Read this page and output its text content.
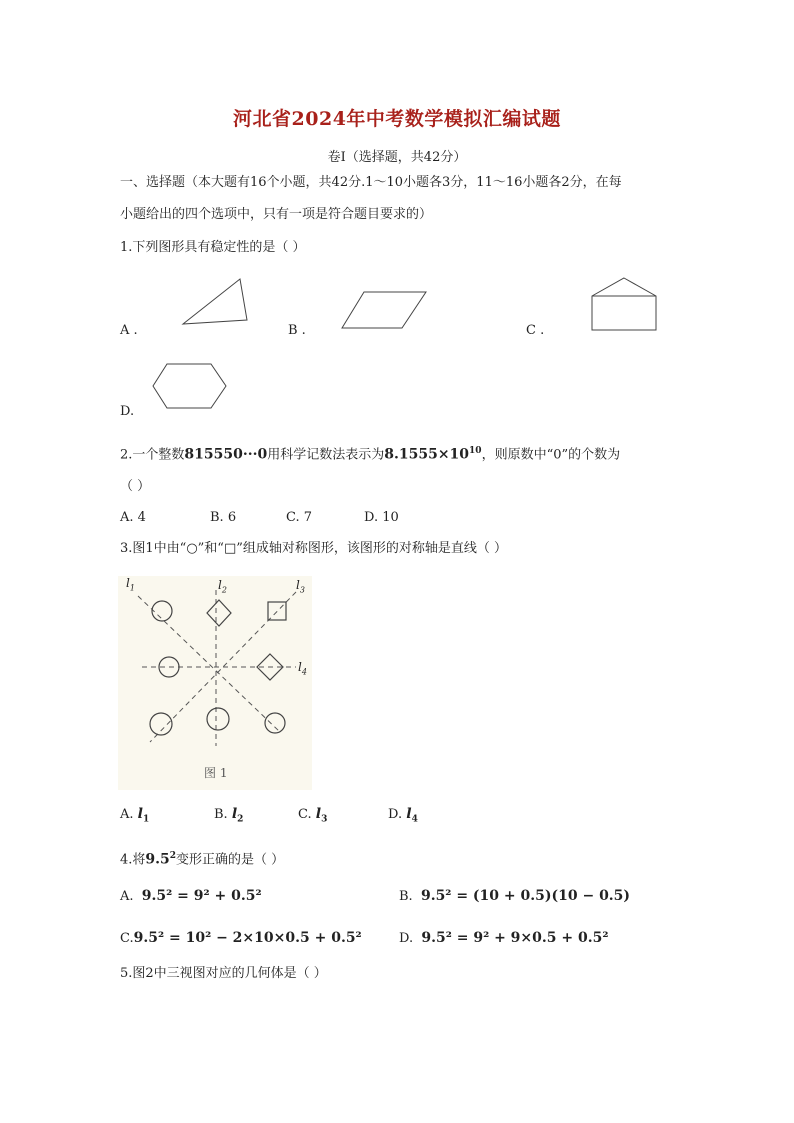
河北省2024年中考数学模拟汇编试题
卷Ⅰ（选择题，共42分）
一、选择题（本大题有16个小题，共42分.1～10小题各3分，11～16小题各2分，在每
小题给出的四个选项中，只有一项是符合题目要求的）
1.下列图形具有稳定性的是（ ）
A .	B .	C .
D.
2.一个整数815550···0用科学记数法表示为$8.1555\times 10^{10}$，则原数中“0”的个数为
（ ）
A. 4	B. 6	C. 7	D. 10
3.图1中由“○”和“□”组成轴对称图形，该图形的对称轴是直线（ ）
$l_1$	$l_2$	$l_3$
$l_4$
图 1
A. $l_1$	B. $l_2$	C. $l_3$	D. $l_4$
4.将$9.5^2$变形正确的是（ ）
A. 9.5² = 9² + 0.5²	B. 9.5² = (10 + 0.5)(10 − 0.5)
C.9.5² = 10² − 2×10×0.5 + 0.5²	D. 9.5² = 9² + 9×0.5 + 0.5²
5.图2中三视图对应的几何体是（ ）
